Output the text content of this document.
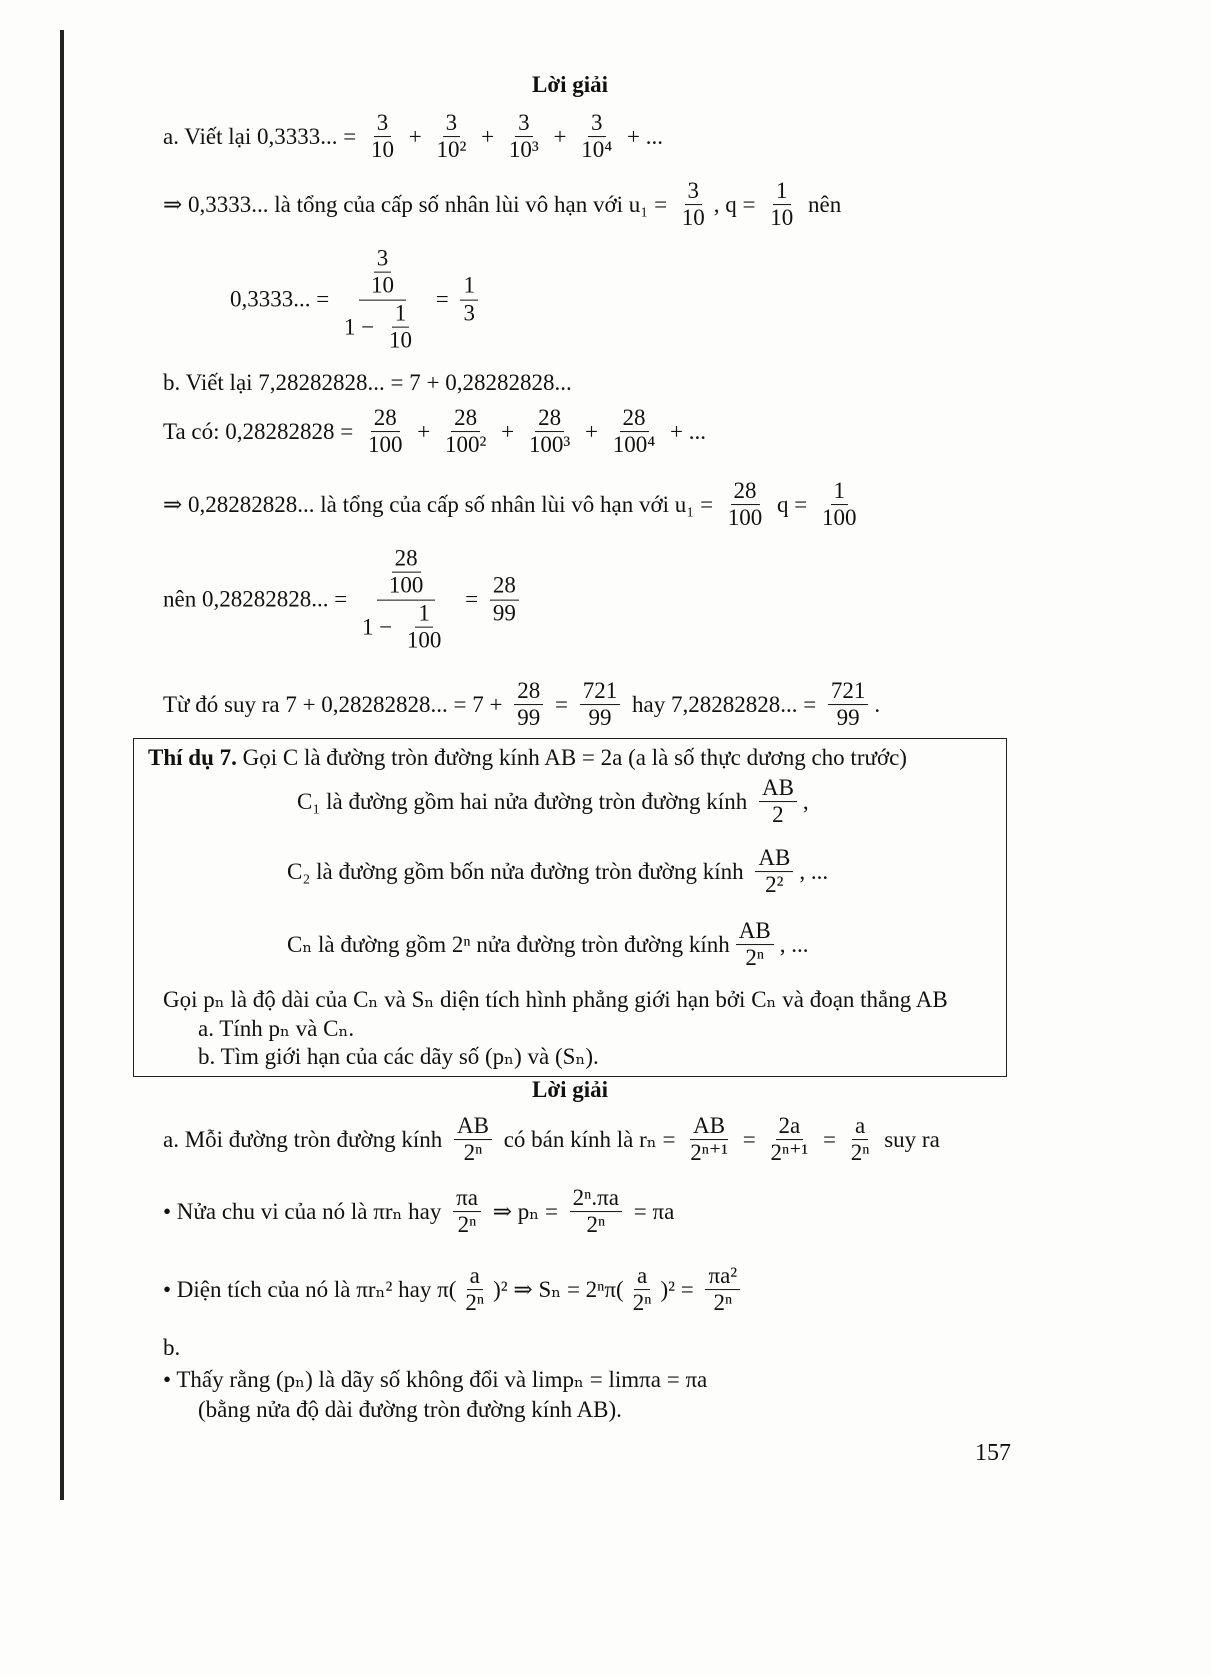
Lời giải
a. Viết lại 0,3333... = $\frac{3}{10} + \frac{3}{\text{10²}} + \frac{3}{\text{10³}} + \frac{3}{\text{10⁴}}$ + ...
⇒ 0,3333... là tổng của cấp số nhân lùi vô hạn với $u_1 = \frac{3}{10}$ , $q = \frac{1}{10}$ nên
0,3333... = $\frac{\frac{3}{10}}{1 - \frac{1}{10}} = \frac{1}{3}$
b. Viết lại 7,28282828... = 7 + 0,28282828...
Ta có: $0,28282828 = \frac{28}{100} + \frac{28}{\text{100²}} + \frac{28}{\text{100³}} + \frac{28}{\text{100⁴}}$ + ...
⇒ 0,28282828... là tổng của cấp số nhân lùi vô hạn với $u_1 = \frac{28}{100}$ $q = \frac{1}{100}$
nên 0,28282828... = $\frac{\frac{28}{100}}{1 - \frac{1}{100}} = \frac{28}{99}$
Từ đó suy ra 7 + 0,28282828... = $7 + \frac{28}{99} = \frac{721}{99}$ hay 7,28282828... = $\frac{721}{99}$ .
Thí dụ 7. Gọi C là đường tròn đường kính AB = 2a (a là số thực dương cho trước)
C₁ là đường gồm hai nửa đường tròn đường kính $\frac{AB}{2}$ ,
C₂ là đường gồm bốn nửa đường tròn đường kính $\frac{AB}{\text{2²}}$ , ...
Cₙ là đường gồm 2ⁿ nửa đường tròn đường kính $\frac{AB}{\text{2ⁿ}}$ , ...
Gọi pₙ là độ dài của Cₙ và Sₙ diện tích hình phẳng giới hạn bởi Cₙ và đoạn thẳng AB
a. Tính pₙ và Cₙ.
b. Tìm giới hạn của các dãy số (pₙ) và (Sₙ).
Lời giải
a. Mỗi đường tròn đường kính $\frac{AB}{\text{2ⁿ}}$ có bán kính là $r_n = \frac{AB}{\text{2ⁿ⁺¹}} = \frac{2a}{\text{2ⁿ⁺¹}} = \frac{a}{\text{2ⁿ}}$ suy ra
• Nửa chu vi của nó là πrₙ hay $\frac{\pi a}{\text{2ⁿ}}$ ⇒ $p_n = \frac{\text{2ⁿ.πa}}{\text{2ⁿ}} = \pi a$
• Diện tích của nó là πrₙ² hay $\pi( \frac{a}{\text{2ⁿ}} )^2$ ⇒ $S_n = 2^n\pi( \frac{a}{\text{2ⁿ}} )^2 = \frac{\text{πa²}}{\text{2ⁿ}}$
b.
• Thấy rằng (pₙ) là dãy số không đổi và limpₙ = limπa = πa
(bằng nửa độ dài đường tròn đường kính AB).
157
